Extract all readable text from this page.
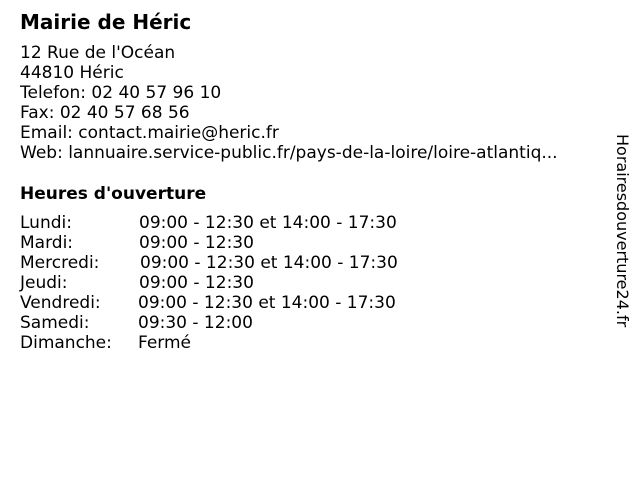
Mairie de Héric
12 Rue de l'Océan
44810 Héric
Telefon: 02 40 57 96 10
Fax: 02 40 57 68 56
Email: contact.mairie@heric.fr
Web: lannuaire.service-public.fr/pays-de-la-loire/loire-atlantiq...
Heures d'ouverture
Lundi:	09:00 - 12:30 et 14:00 - 17:30
Mardi:	09:00 - 12:30
Mercredi: 09:00 - 12:30 et 14:00 - 17:30
Jeudi:	09:00 - 12:30
Vendredi: 09:00 - 12:30 et 14:00 - 17:30
Samedi:	09:30 - 12:00
Dimanche: Fermé
Horairesdouverture24.fr
